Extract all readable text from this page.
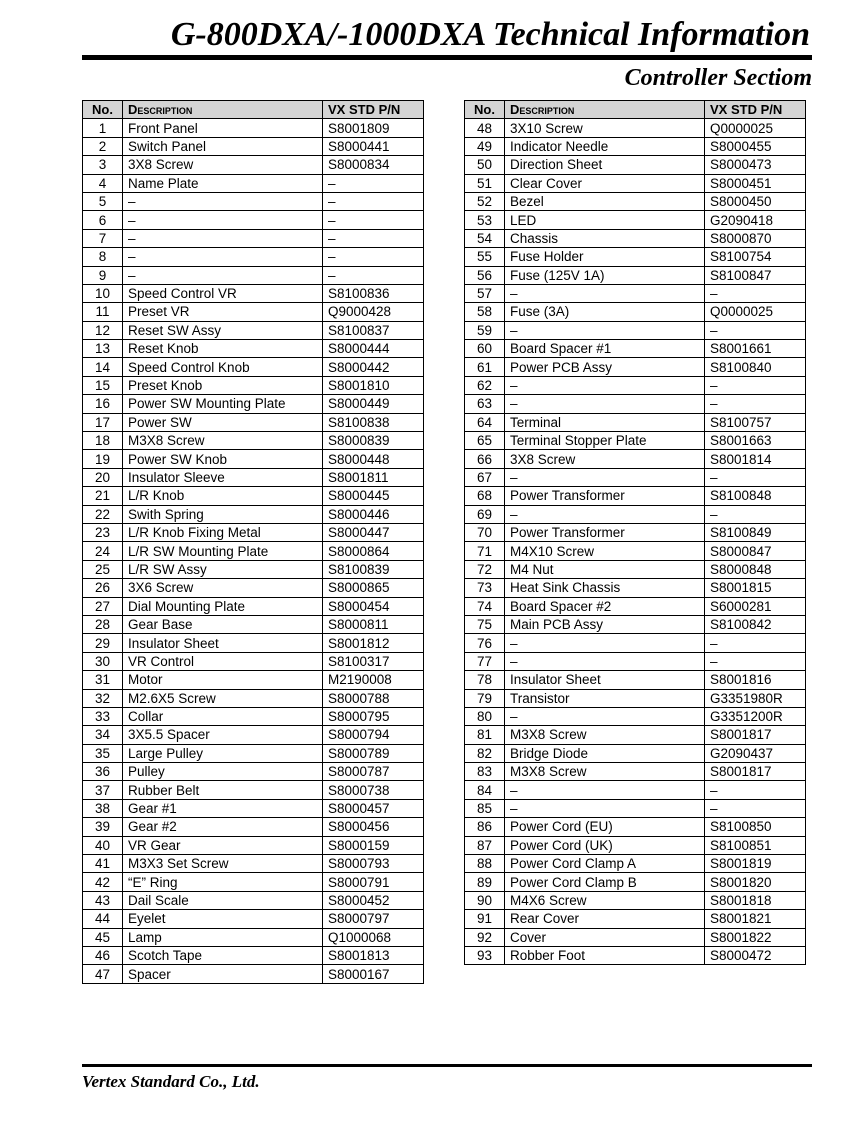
G-800DXA/-1000DXA Technical Information
Controller Sectiom
No.	Description	VX STD P/N
1	Front Panel	S8001809
2	Switch Panel	S8000441
3	3X8 Screw	S8000834
4	Name Plate	–
5	–	–
6	–	–
7	–	–
8	–	–
9	–	–
10	Speed Control VR	S8100836
11	Preset VR	Q9000428
12	Reset SW Assy	S8100837
13	Reset Knob	S8000444
14	Speed Control Knob	S8000442
15	Preset Knob	S8001810
16	Power SW Mounting Plate	S8000449
17	Power SW	S8100838
18	M3X8 Screw	S8000839
19	Power SW Knob	S8000448
20	Insulator Sleeve	S8001811
21	L/R Knob	S8000445
22	Swith Spring	S8000446
23	L/R Knob Fixing Metal	S8000447
24	L/R SW Mounting Plate	S8000864
25	L/R SW Assy	S8100839
26	3X6 Screw	S8000865
27	Dial Mounting Plate	S8000454
28	Gear Base	S8000811
29	Insulator Sheet	S8001812
30	VR Control	S8100317
31	Motor	M2190008
32	M2.6X5 Screw	S8000788
33	Collar	S8000795
34	3X5.5 Spacer	S8000794
35	Large Pulley	S8000789
36	Pulley	S8000787
37	Rubber Belt	S8000738
38	Gear #1	S8000457
39	Gear #2	S8000456
40	VR Gear	S8000159
41	M3X3 Set Screw	S8000793
42	“E” Ring	S8000791
43	Dail Scale	S8000452
44	Eyelet	S8000797
45	Lamp	Q1000068
46	Scotch Tape	S8001813
47	Spacer	S8000167
No.	Description	VX STD P/N
48	3X10 Screw	Q0000025
49	Indicator Needle	S8000455
50	Direction Sheet	S8000473
51	Clear Cover	S8000451
52	Bezel	S8000450
53	LED	G2090418
54	Chassis	S8000870
55	Fuse Holder	S8100754
56	Fuse (125V 1A)	S8100847
57	–	–
58	Fuse (3A)	Q0000025
59	–	–
60	Board Spacer #1	S8001661
61	Power PCB Assy	S8100840
62	–	–
63	–	–
64	Terminal	S8100757
65	Terminal Stopper Plate	S8001663
66	3X8 Screw	S8001814
67	–	–
68	Power Transformer	S8100848
69	–	–
70	Power Transformer	S8100849
71	M4X10 Screw	S8000847
72	M4 Nut	S8000848
73	Heat Sink Chassis	S8001815
74	Board Spacer #2	S6000281
75	Main PCB Assy	S8100842
76	–	–
77	–	–
78	Insulator Sheet	S8001816
79	Transistor	G3351980R
80	–	G3351200R
81	M3X8 Screw	S8001817
82	Bridge Diode	G2090437
83	M3X8 Screw	S8001817
84	–	–
85	–	–
86	Power Cord (EU)	S8100850
87	Power Cord (UK)	S8100851
88	Power Cord Clamp A	S8001819
89	Power Cord Clamp B	S8001820
90	M4X6 Screw	S8001818
91	Rear Cover	S8001821
92	Cover	S8001822
93	Robber Foot	S8000472
Vertex Standard Co., Ltd.
